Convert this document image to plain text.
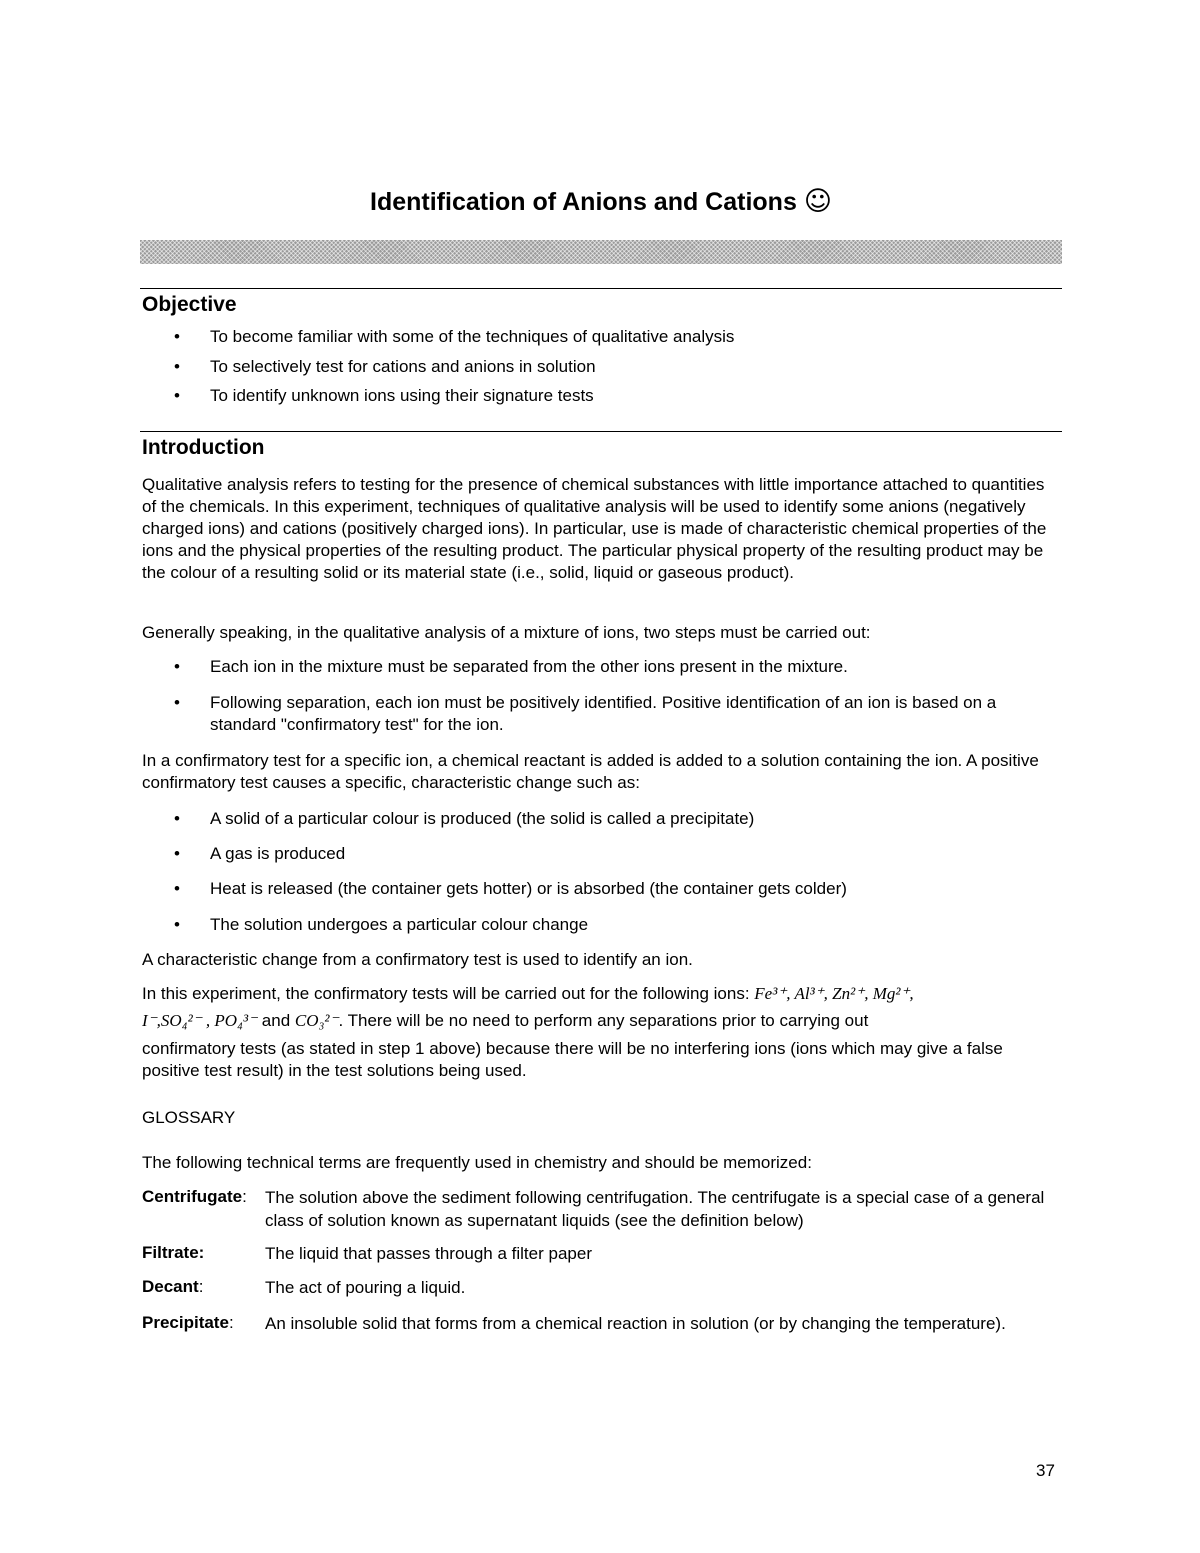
Identification of Anions and Cations ☺
Objective
• To become familiar with some of the techniques of qualitative analysis
• To selectively test for cations and anions in solution
• To identify unknown ions using their signature tests
Introduction
Qualitative analysis refers to testing for the presence of chemical substances with little importance attached to quantities of the chemicals. In this experiment, techniques of qualitative analysis will be used to identify some anions (negatively charged ions) and cations (positively charged ions). In particular, use is made of characteristic chemical properties of the ions and the physical properties of the resulting product. The particular physical property of the resulting product may be the colour of a resulting solid or its material state (i.e., solid, liquid or gaseous product).
Generally speaking, in the qualitative analysis of a mixture of ions, two steps must be carried out:
• Each ion in the mixture must be separated from the other ions present in the mixture.
• Following separation, each ion must be positively identified. Positive identification of an ion is based on a standard "confirmatory test" for the ion.
In a confirmatory test for a specific ion, a chemical reactant is added is added to a solution containing the ion. A positive confirmatory test causes a specific, characteristic change such as:
• A solid of a particular colour is produced (the solid is called a precipitate)
• A gas is produced
• Heat is released (the container gets hotter) or is absorbed (the container gets colder)
• The solution undergoes a particular colour change
A characteristic change from a confirmatory test is used to identify an ion.
In this experiment, the confirmatory tests will be carried out for the following ions: Fe³⁺, Al³⁺, Zn²⁺, Mg²⁺,
I⁻,SO₄²⁻ , PO₄³⁻ and CO₃²⁻. There will be no need to perform any separations prior to carrying out
confirmatory tests (as stated in step 1 above) because there will be no interfering ions (ions which may give a false positive test result) in the test solutions being used.
GLOSSARY
The following technical terms are frequently used in chemistry and should be memorized:
Centrifugate: The solution above the sediment following centrifugation. The centrifugate is a special case of a general class of solution known as supernatant liquids (see the definition below)
Filtrate:	The liquid that passes through a filter paper
Decant:	The act of pouring a liquid.
Precipitate: An insoluble solid that forms from a chemical reaction in solution (or by changing the temperature).
37
